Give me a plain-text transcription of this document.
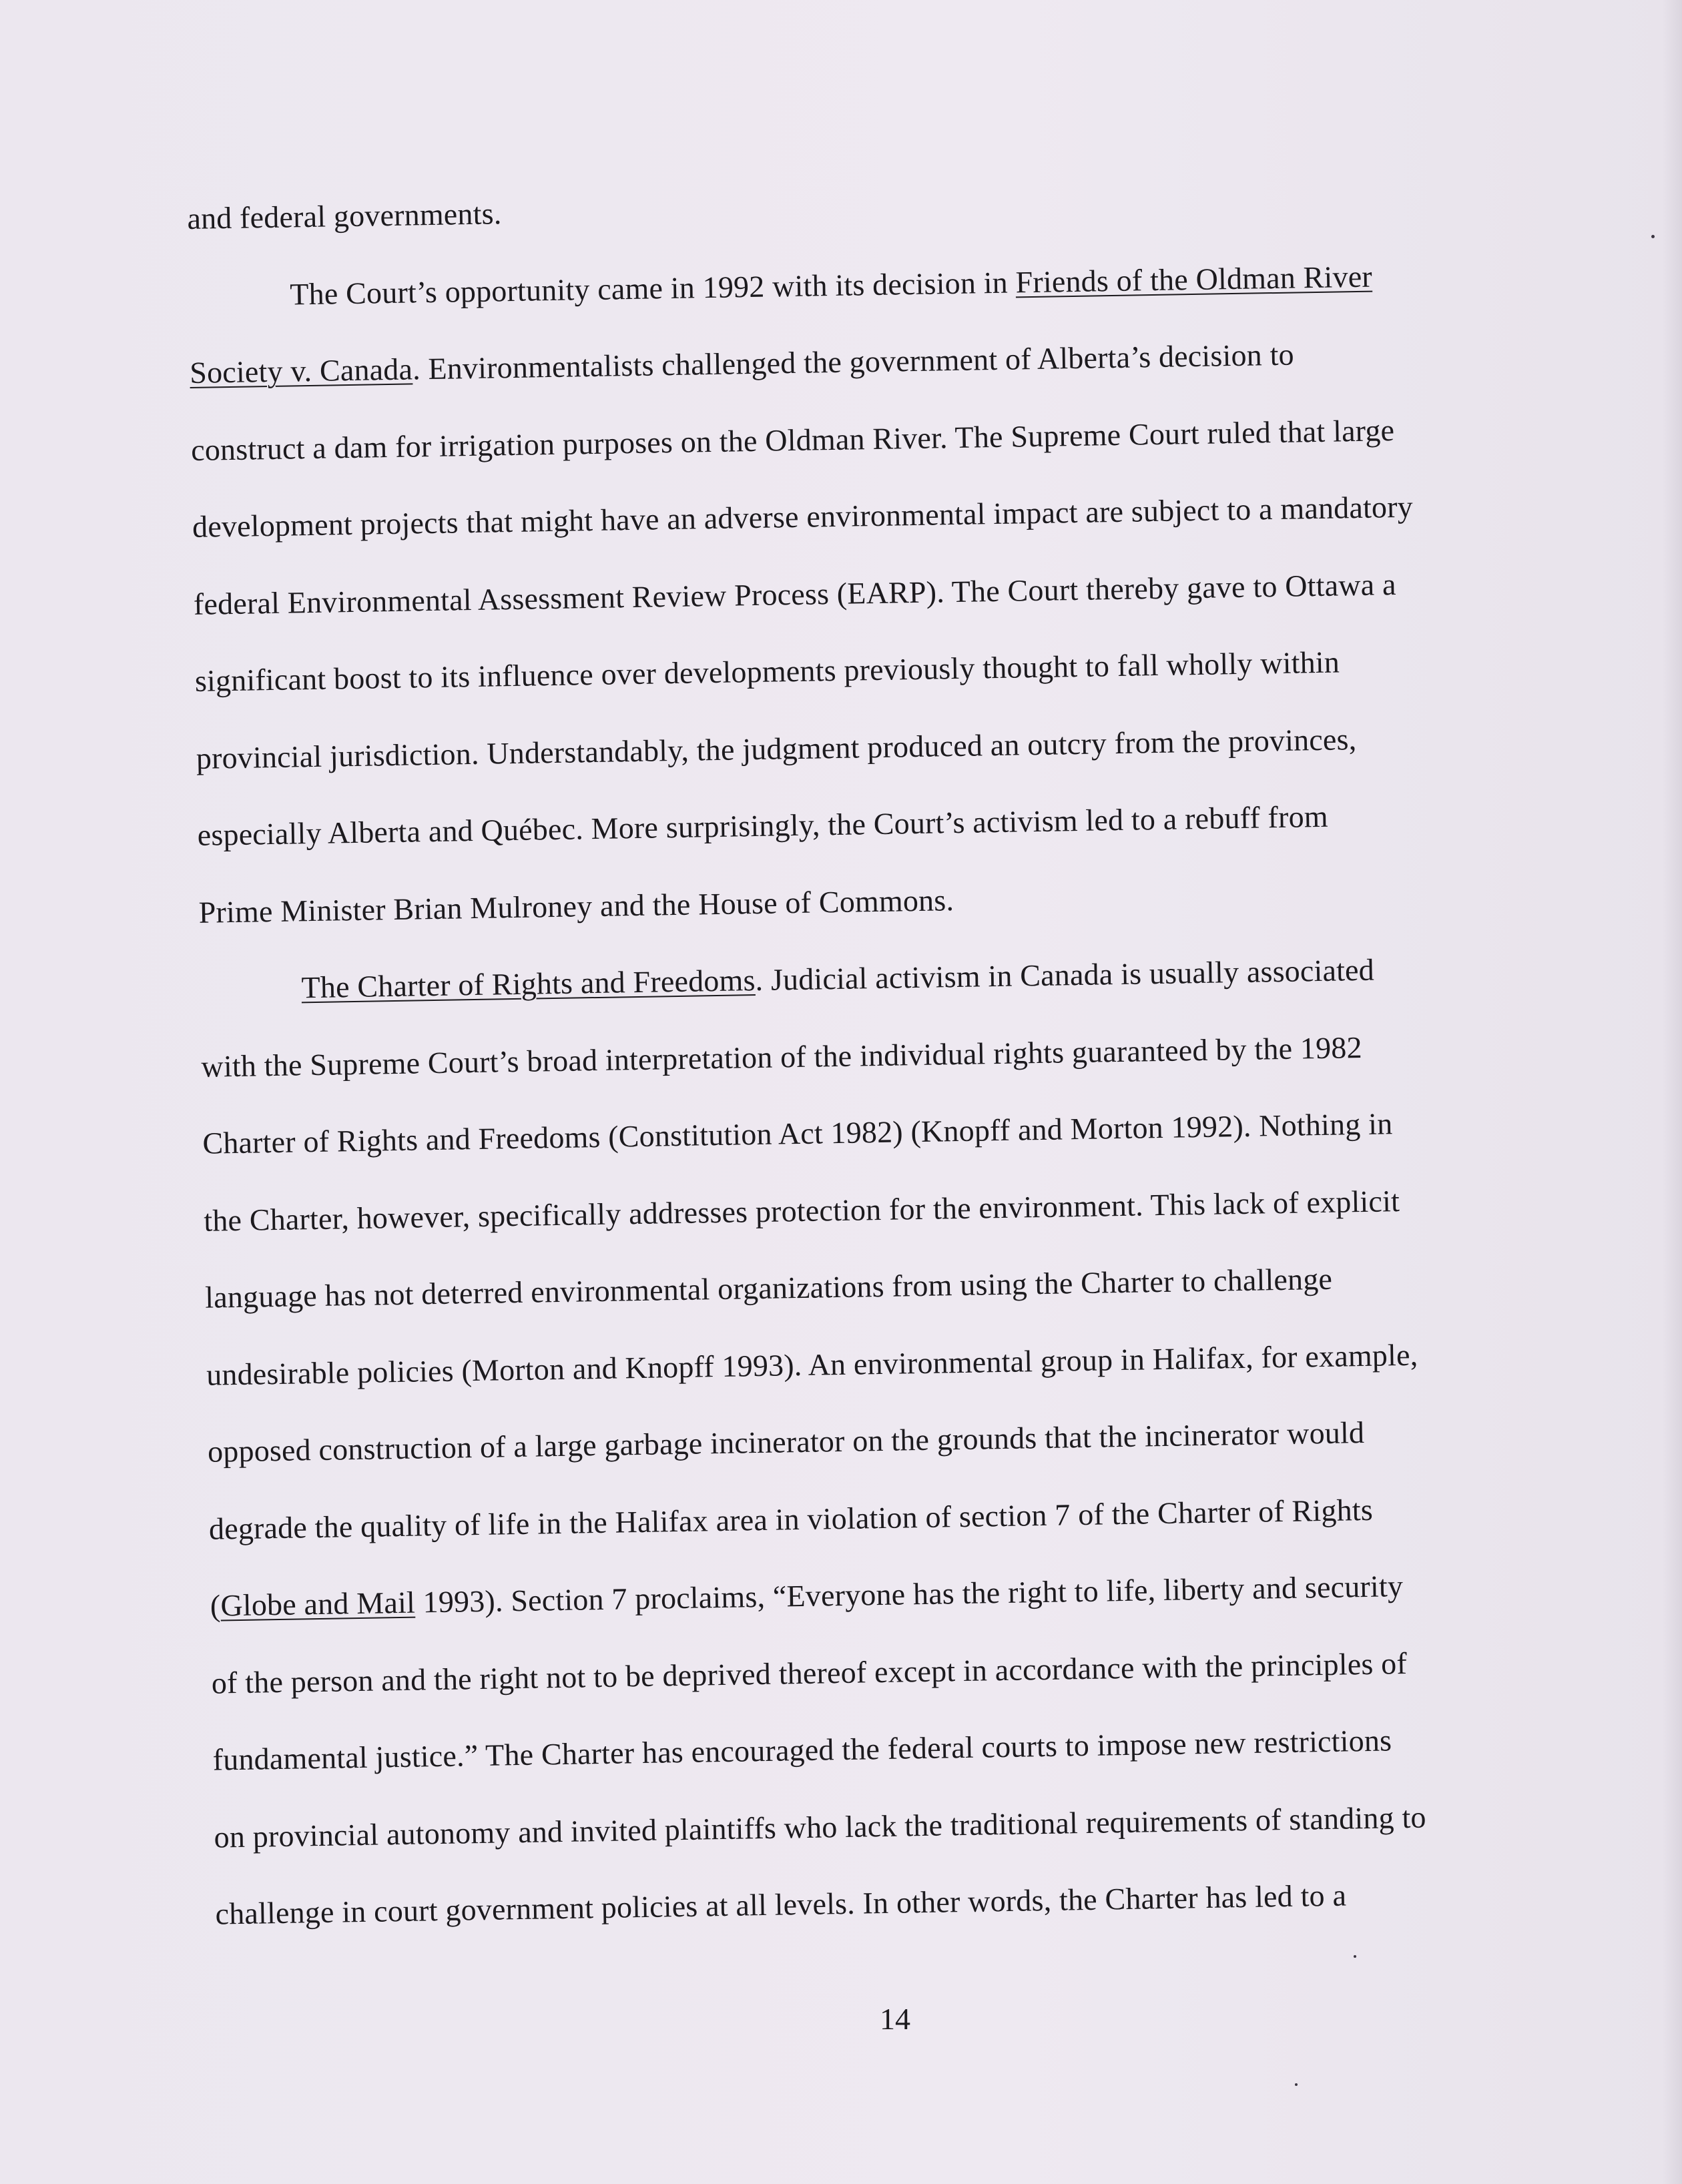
and federal governments.
The Court’s opportunity came in 1992 with its decision in Friends of the Oldman River
Society v. Canada. Environmentalists challenged the government of Alberta’s decision to
construct a dam for irrigation purposes on the Oldman River. The Supreme Court ruled that large
development projects that might have an adverse environmental impact are subject to a mandatory
federal Environmental Assessment Review Process (EARP). The Court thereby gave to Ottawa a
significant boost to its influence over developments previously thought to fall wholly within
provincial jurisdiction. Understandably, the judgment produced an outcry from the provinces,
especially Alberta and Québec. More surprisingly, the Court’s activism led to a rebuff from
Prime Minister Brian Mulroney and the House of Commons.
The Charter of Rights and Freedoms. Judicial activism in Canada is usually associated
with the Supreme Court’s broad interpretation of the individual rights guaranteed by the 1982
Charter of Rights and Freedoms (Constitution Act 1982) (Knopff and Morton 1992). Nothing in
the Charter, however, specifically addresses protection for the environment. This lack of explicit
language has not deterred environmental organizations from using the Charter to challenge
undesirable policies (Morton and Knopff 1993). An environmental group in Halifax, for example,
opposed construction of a large garbage incinerator on the grounds that the incinerator would
degrade the quality of life in the Halifax area in violation of section 7 of the Charter of Rights
(Globe and Mail 1993). Section 7 proclaims, “Everyone has the right to life, liberty and security
of the person and the right not to be deprived thereof except in accordance with the principles of
fundamental justice.” The Charter has encouraged the federal courts to impose new restrictions
on provincial autonomy and invited plaintiffs who lack the traditional requirements of standing to
challenge in court government policies at all levels. In other words, the Charter has led to a
14
